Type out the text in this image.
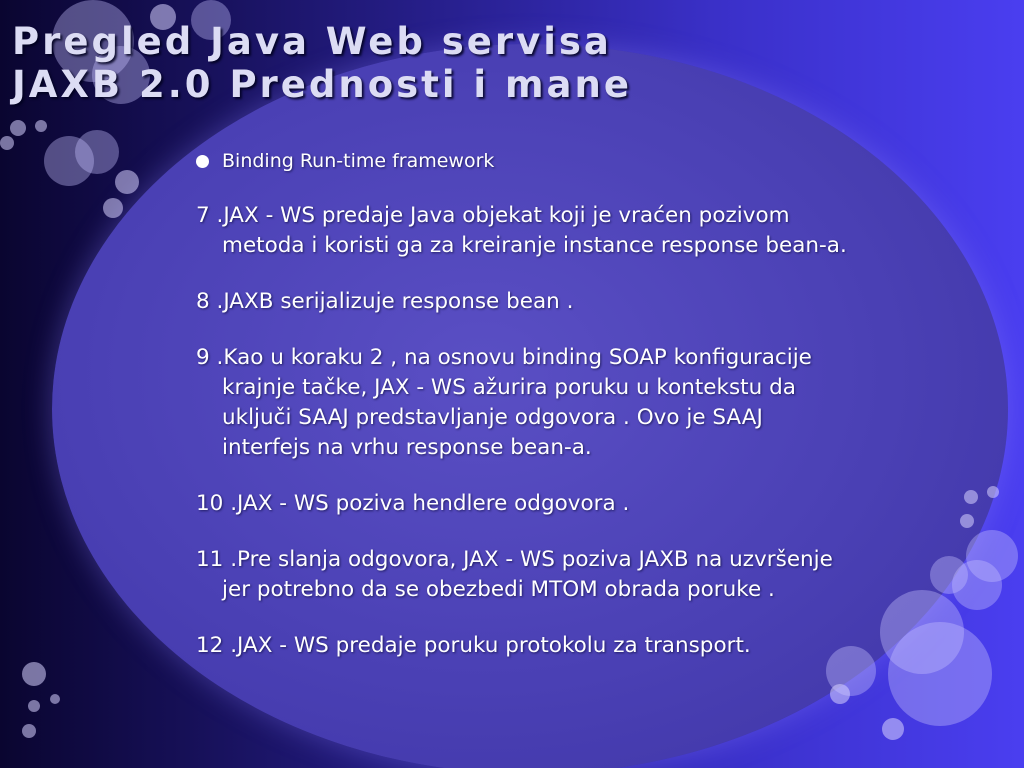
Pregled Java Web servisa
JAXB 2.0 Prednosti i mane
Binding Run-time framework

7 .JAX - WS predaje Java objekat koji je vraćen pozivom metoda i koristi ga za kreiranje instance response bean-a.

8 .JAXB serijalizuje response bean .

9 .Kao u koraku 2 , na osnovu binding SOAP konfiguracije krajnje tačke, JAX - WS ažurira poruku u kontekstu da uključi SAAJ predstavljanje odgovora . Ovo je SAAJ interfejs na vrhu response bean-a.

10 .JAX - WS poziva hendlere odgovora .

11 .Pre slanja odgovora, JAX - WS poziva JAXB na uzvršenje jer potrebno da se obezbedi MTOM obrada poruke .

12 .JAX - WS predaje poruku protokolu za transport.
